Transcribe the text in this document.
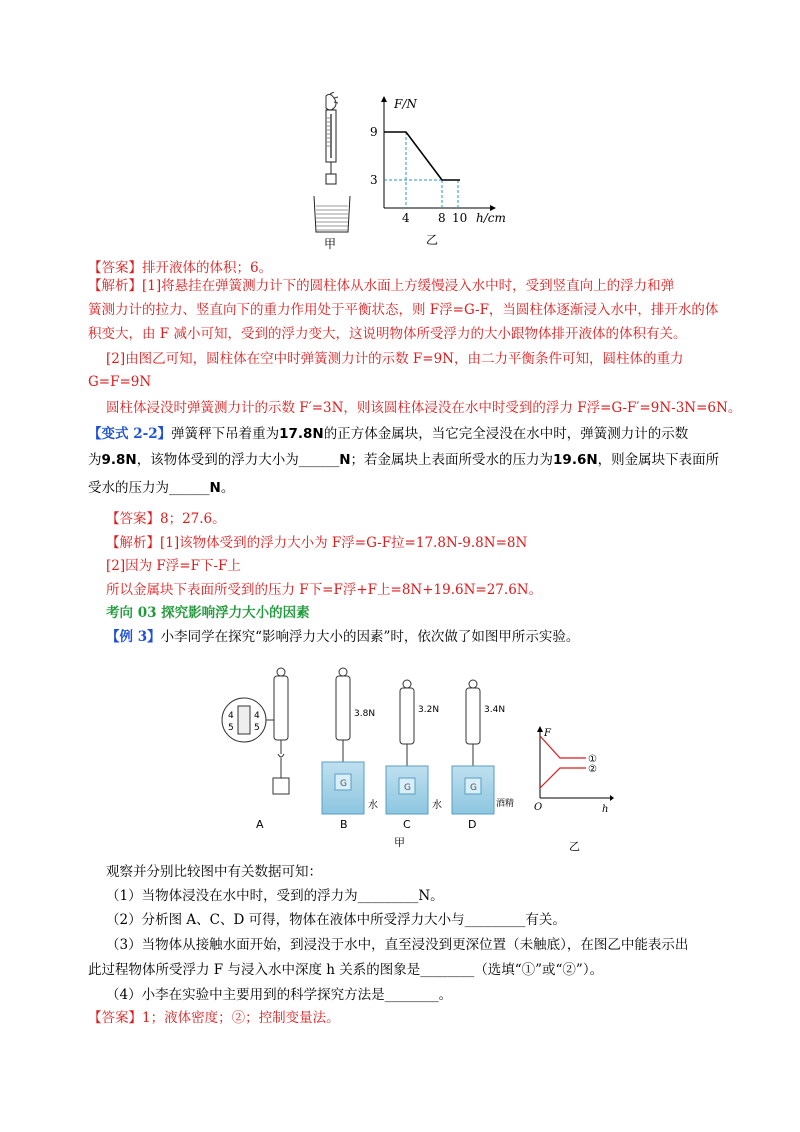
甲
F/N
9
3
4 8 10 h/cm
乙
【答案】排开液体的体积；6。
【解析】[1]将悬挂在弹簧测力计下的圆柱体从水面上方缓慢浸入水中时，受到竖直向上的浮力和弹
簧测力计的拉力、竖直向下的重力作用处于平衡状态，则 F浮=G-F，当圆柱体逐渐浸入水中，排开水的体
积变大，由 F 减小可知，受到的浮力变大，这说明物体所受浮力的大小跟物体排开液体的体积有关。
[2]由图乙可知，圆柱体在空中时弹簧测力计的示数 F=9N，由二力平衡条件可知，圆柱体的重力
G=F=9N
圆柱体浸没时弹簧测力计的示数 F′=3N，则该圆柱体浸没在水中时受到的浮力 F浮=G-F′=9N-3N=6N。
【变式 2-2】弹簧秤下吊着重为17.8N的正方体金属块，当它完全浸没在水中时，弹簧测力计的示数
为9.8N，该物体受到的浮力大小为______N；若金属块上表面所受水的压力为19.6N，则金属块下表面所
受水的压力为______N。
【答案】8；27.6。
【解析】[1]该物体受到的浮力大小为 F浮=G-F拉=17.8N-9.8N=8N
[2]因为 F浮=F下-F上
所以金属块下表面所受到的压力 F下=F浮+F上=8N+19.6N=27.6N。
考向 03 探究影响浮力大小的因素
【例 3】小李同学在探究“影响浮力大小的因素”时，依次做了如图甲所示实验。
4
5
4
5
A
3.8N
G
水
B
3.2N
G
水
C
3.4N
G
酒精
D
甲
F
O	h
①
②
乙
观察并分别比较图中有关数据可知：
（1）当物体浸没在水中时，受到的浮力为_________N。
（2）分析图 A、C、D 可得，物体在液体中所受浮力大小与_________有关。
（3）当物体从接触水面开始，到浸没于水中，直至浸没到更深位置（未触底），在图乙中能表示出
此过程物体所受浮力 F 与浸入水中深度 h 关系的图象是________（选填“①”或“②”）。
（4）小李在实验中主要用到的科学探究方法是________。
【答案】1；液体密度；②；控制变量法。
